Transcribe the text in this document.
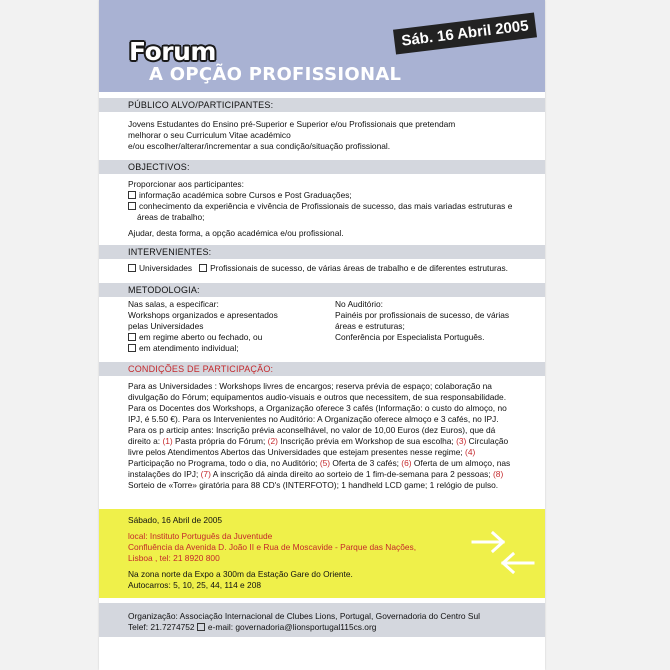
Forum
A OPÇÃO PROFISSIONAL
Sáb. 16 Abril 2005
PÚBLICO ALVO/PARTICIPANTES:
Jovens Estudantes do Ensino pré-Superior e Superior e/ou Profissionais que pretendam
melhorar o seu Curriculum Vitae académico
e/ou escolher/alterar/incrementar a sua condição/situação profissional.
OBJECTIVOS:
Proporcionar aos participantes:
informação académica sobre Cursos e Post Graduações;
conhecimento da experiência e vivência de Profissionais de sucesso, das mais variadas estruturas e
áreas de trabalho;
Ajudar, desta forma, a opção académica e/ou profissional.
INTERVENIENTES:
Universidades Profissionais de sucesso, de várias áreas de trabalho e de diferentes estruturas.
METODOLOGIA:
Nas salas, a especificar:
Workshops organizados e apresentados
pelas Universidades
em regime aberto ou fechado, ou
em atendimento individual;
No Auditório:
Painéis por profissionais de sucesso, de várias
áreas e estruturas;
Conferência por Especialista Português.
CONDIÇÕES DE PARTICIPAÇÃO:
Para as Universidades : Workshops livres de encargos; reserva prévia de espaço; colaboração na
divulgação do Fórum; equipamentos audio-visuais e outros que necessitem, de sua responsabilidade.
Para os Docentes dos Workshops, a Organização oferece 3 cafés (Informação: o custo do almoço, no
IPJ, é 5.50 €). Para os Intervenientes no Auditório: A Organização oferece almoço e 3 cafés, no IPJ.
Para os p articip antes: Inscrição prévia aconselhável, no valor de 10,00 Euros (dez Euros), que dá
direito a: (1) Pasta própria do Fórum; (2) Inscrição prévia em Workshop de sua escolha; (3) Circulação
livre pelos Atendimentos Abertos das Universidades que estejam presentes nesse regime; (4)
Participação no Programa, todo o dia, no Auditório; (5) Oferta de 3 cafés; (6) Oferta de um almoço, nas
instalações do IPJ; (7) A inscrição dá ainda direito ao sorteio de 1 fim-de-semana para 2 pessoas; (8)
Sorteio de «Torre» giratória para 88 CD's (INTERFOTO); 1 handheld LCD game; 1 relógio de pulso.
Sábado, 16 Abril de 2005
local: Instituto Português da Juventude
Confluência da Avenida D. João II e Rua de Moscavide - Parque das Nações,
Lisboa , tel: 21 8920 800
Na zona norte da Expo a 300m da Estação Gare do Oriente.
Autocarros: 5, 10, 25, 44, 114 e 208
Organização: Associação Internacional de Clubes Lions, Portugal, Governadoria do Centro Sul
Telef: 21.7274752 e-mail: governadoria@lionsportugal115cs.org
